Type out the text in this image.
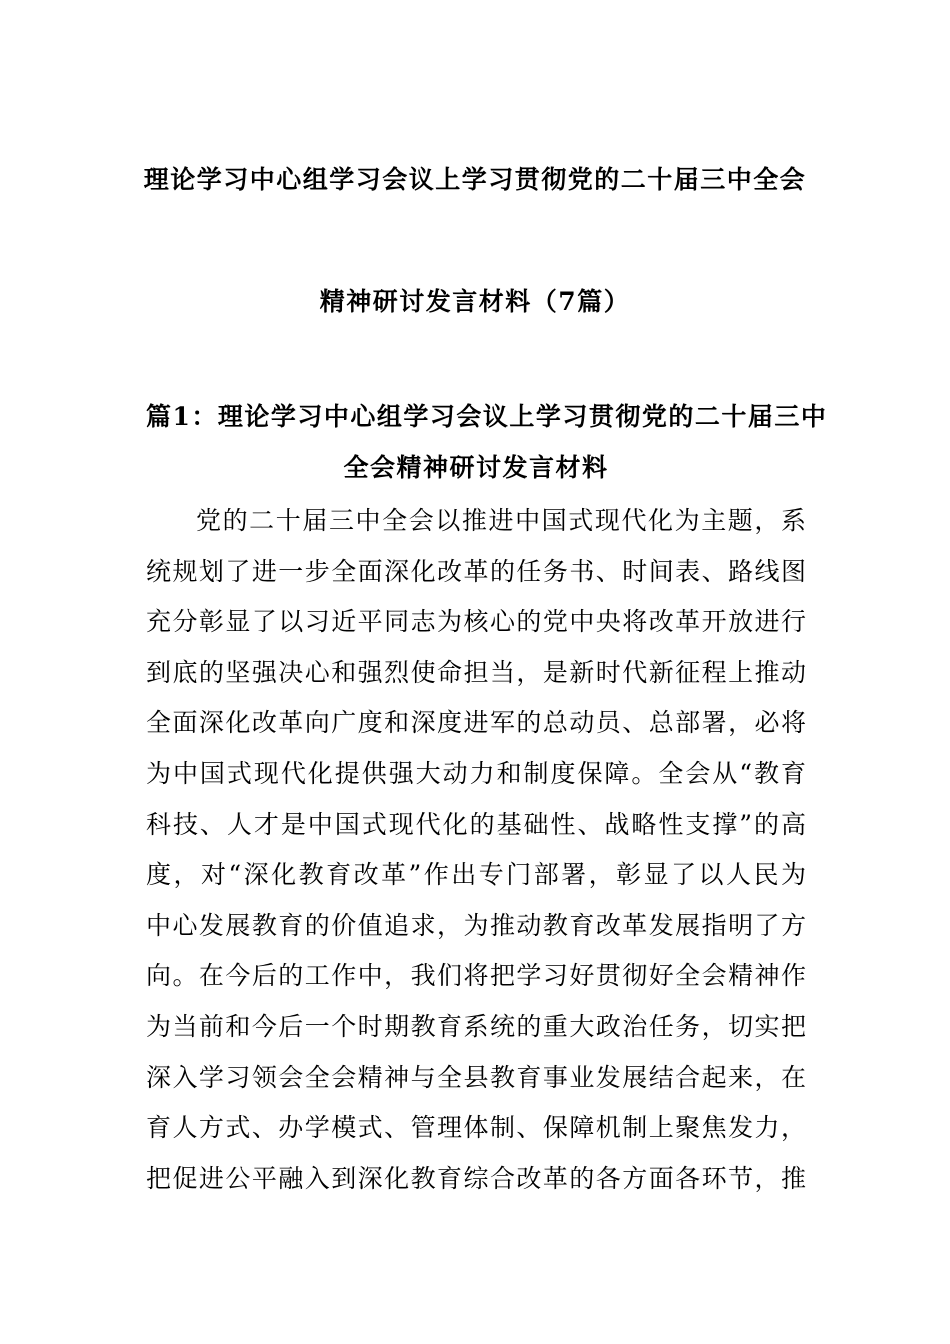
理论学习中心组学习会议上学习贯彻党的二十届三中全会
精神研讨发言材料（7篇）
篇1：理论学习中心组学习会议上学习贯彻党的二十届三中
全会精神研讨发言材料
党的二十届三中全会以推进中国式现代化为主题，系
统规划了进一步全面深化改革的任务书、时间表、路线图
充分彰显了以习近平同志为核心的党中央将改革开放进行
到底的坚强决心和强烈使命担当，是新时代新征程上推动
全面深化改革向广度和深度进军的总动员、总部署，必将
为中国式现代化提供强大动力和制度保障。全会从“教育
科技、人才是中国式现代化的基础性、战略性支撑”的高
度，对“深化教育改革”作出专门部署，彰显了以人民为
中心发展教育的价值追求，为推动教育改革发展指明了方
向。在今后的工作中，我们将把学习好贯彻好全会精神作
为当前和今后一个时期教育系统的重大政治任务，切实把
深入学习领会全会精神与全县教育事业发展结合起来，在
育人方式、办学模式、管理体制、保障机制上聚焦发力，
把促进公平融入到深化教育综合改革的各方面各环节，推
